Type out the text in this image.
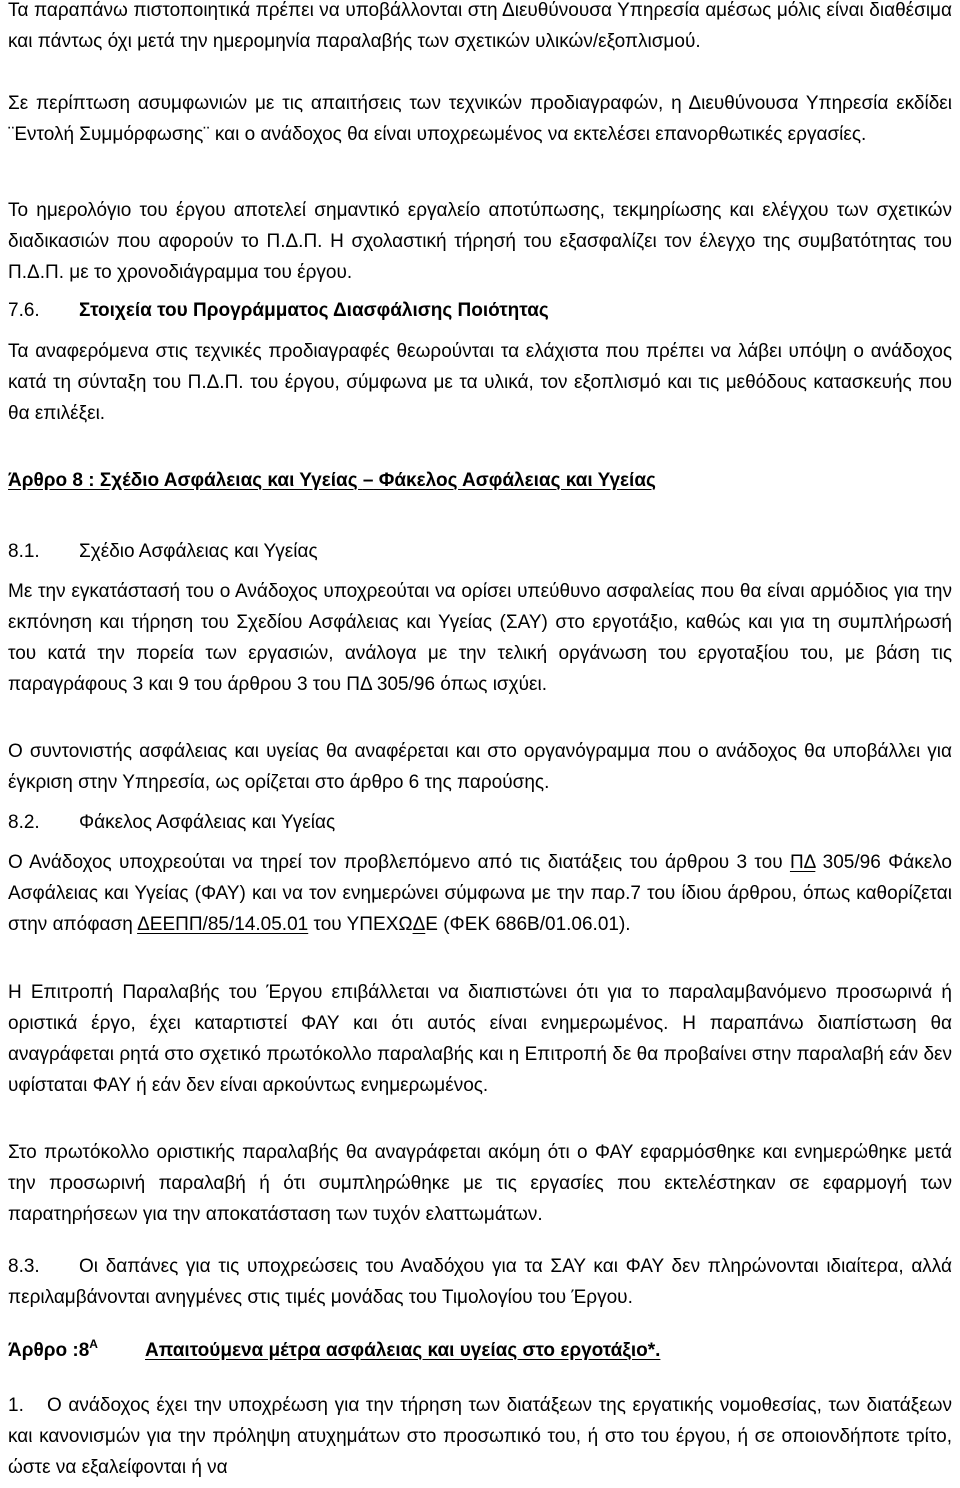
Τα παραπάνω πιστοποιητικά πρέπει να υποβάλλονται στη Διευθύνουσα Υπηρεσία αμέσως μόλις είναι διαθέσιμα και πάντως όχι μετά την ημερομηνία παραλαβής των σχετικών υλικών/εξοπλισμού.

Σε περίπτωση ασυμφωνιών με τις απαιτήσεις των τεχνικών προδιαγραφών, η Διευθύνουσα Υπηρεσία εκδίδει ¨Εντολή Συμμόρφωσης¨ και ο ανάδοχος θα είναι υποχρεωμένος να εκτελέσει επανορθωτικές εργασίες.

Το ημερολόγιο του έργου αποτελεί σημαντικό εργαλείο αποτύπωσης, τεκμηρίωσης και ελέγχου των σχετικών διαδικασιών που αφορούν το Π.Δ.Π. Η σχολαστική τήρησή του εξασφαλίζει τον έλεγχο της συμβατότητας του Π.Δ.Π. με το χρονοδιάγραμμα του έργου.

7.6. Στοιχεία του Προγράμματος Διασφάλισης Ποιότητας

Τα αναφερόμενα στις τεχνικές προδιαγραφές θεωρούνται τα ελάχιστα που πρέπει να λάβει υπόψη ο ανάδοχος κατά τη σύνταξη του Π.Δ.Π. του έργου, σύμφωνα με τα υλικά, τον εξοπλισμό και τις μεθόδους κατασκευής που θα επιλέξει.

Άρθρο 8 : Σχέδιο Ασφάλειας και Υγείας – Φάκελος Ασφάλειας και Υγείας
8.1. Σχέδιο Ασφάλειας και Υγείας

Με την εγκατάστασή του ο Ανάδοχος υποχρεούται να ορίσει υπεύθυνο ασφαλείας που θα είναι αρμόδιος για την εκπόνηση και τήρηση του Σχεδίου Ασφάλειας και Υγείας (ΣΑΥ) στο εργοτάξιο, καθώς και για τη συμπλήρωσή του κατά την πορεία των εργασιών, ανάλογα με την τελική οργάνωση του εργοταξίου του, με βάση τις παραγράφους 3 και 9 του άρθρου 3 του ΠΔ 305/96 όπως ισχύει.

Ο συντονιστής ασφάλειας και υγείας θα αναφέρεται και στο οργανόγραμμα που ο ανάδοχος θα υποβάλλει για έγκριση στην Υπηρεσία, ως ορίζεται στο άρθρο 6 της παρούσης.

8.2. Φάκελος Ασφάλειας και Υγείας

Ο Ανάδοχος υποχρεούται να τηρεί τον προβλεπόμενο από τις διατάξεις του άρθρου 3 του ΠΔ 305/96 Φάκελο Ασφάλειας και Υγείας (ΦΑΥ) και να τον ενημερώνει σύμφωνα με την παρ.7 του ίδιου άρθρου, όπως καθορίζεται στην απόφαση ΔΕΕΠΠ/85/14.05.01 του ΥΠΕΧΩΔΕ (ΦΕΚ 686Β/01.06.01).

Η Επιτροπή Παραλαβής του Έργου επιβάλλεται να διαπιστώνει ότι για το παραλαμβανόμενο προσωρινά ή οριστικά έργο, έχει καταρτιστεί ΦΑΥ και ότι αυτός είναι ενημερωμένος. Η παραπάνω διαπίστωση θα αναγράφεται ρητά στο σχετικό πρωτόκολλο παραλαβής και η Επιτροπή δε θα προβαίνει στην παραλαβή εάν δεν υφίσταται ΦΑΥ ή εάν δεν είναι αρκούντως ενημερωμένος.

Στο πρωτόκολλο οριστικής παραλαβής θα αναγράφεται ακόμη ότι ο ΦΑΥ εφαρμόσθηκε και ενημερώθηκε μετά την προσωρινή παραλαβή ή ότι συμπληρώθηκε με τις εργασίες που εκτελέστηκαν σε εφαρμογή των παρατηρήσεων για την αποκατάσταση των τυχόν ελαττωμάτων.

8.3.	Οι δαπάνες για τις υποχρεώσεις του Αναδόχου για τα ΣΑΥ και ΦΑΥ δεν πληρώνονται ιδιαίτερα, αλλά περιλαμβάνονται ανηγμένες στις τιμές μονάδας του Τιμολογίου του Έργου.

Άρθρο $:8^A$ Απαιτούμενα μέτρα ασφάλειας και υγείας στο εργοτάξιο*.
1.	Ο ανάδοχος έχει την υποχρέωση για την τήρηση των διατάξεων της εργατικής νομοθεσίας, των διατάξεων και κανονισμών για την πρόληψη ατυχημάτων στο προσωπικό του, ή στο του έργου, ή σε οποιονδήποτε τρίτο, ώστε να εξαλείφονται ή να
